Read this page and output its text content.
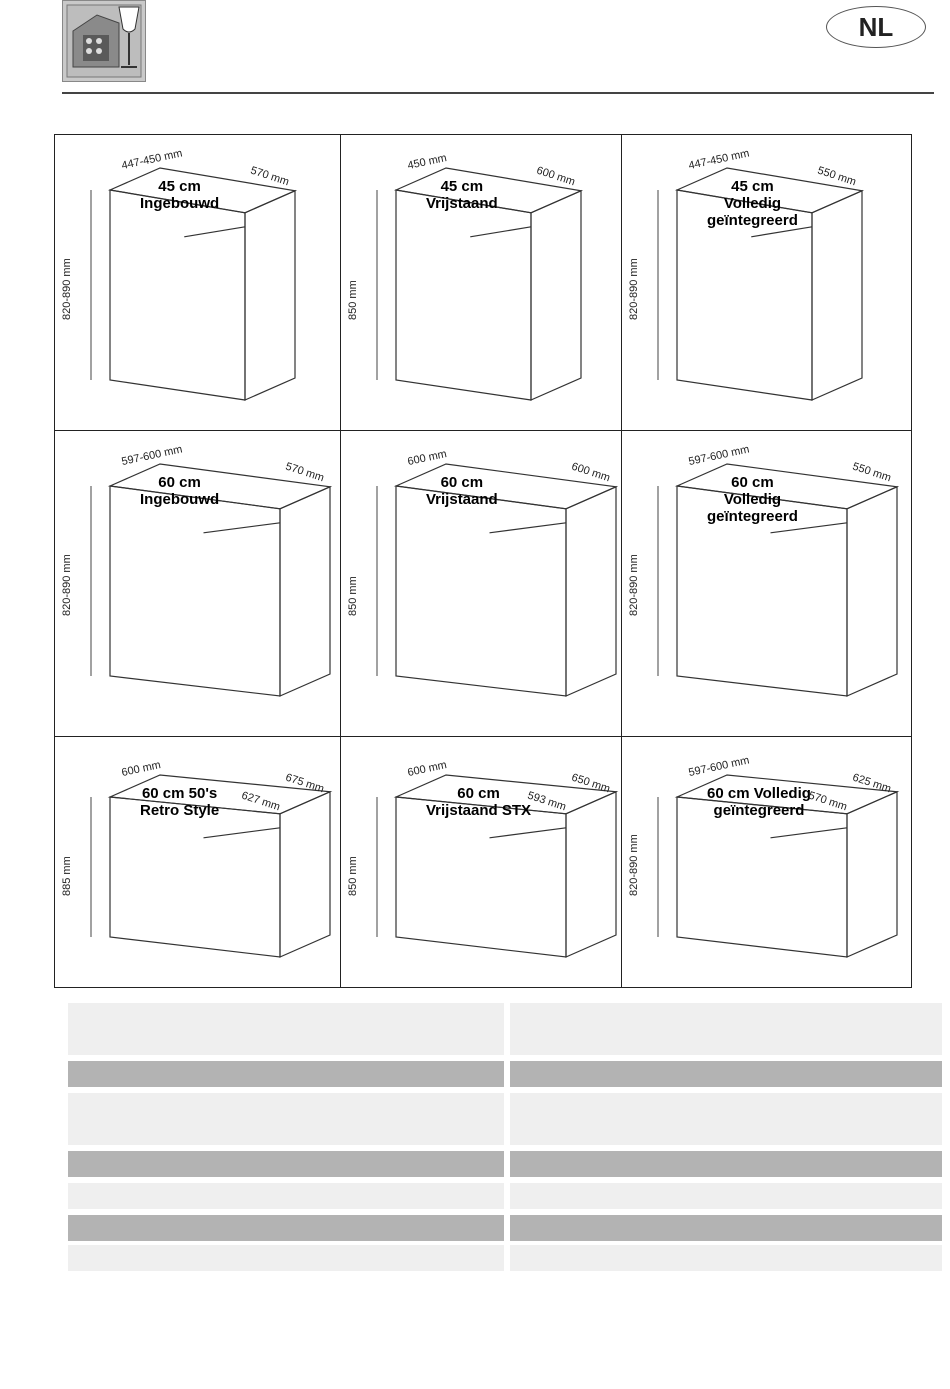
NL
45 cm
Ingebouwd
447-450 mm
570 mm
820-890 mm
45 cm
Vrijstaand
450 mm
600 mm
850 mm
45 cm
Volledig
geïntegreerd
447-450 mm
550 mm
820-890 mm
60 cm
Ingebouwd
597-600 mm
570 mm
820-890 mm
60 cm
Vrijstaand
600 mm
600 mm
850 mm
60 cm
Volledig
geïntegreerd
597-600 mm
550 mm
820-890 mm
60 cm 50's
Retro Style
600 mm
675 mm
627 mm
885 mm
60 cm
Vrijstaand STX
600 mm
650 mm
593 mm
850 mm
60 cm Volledig
geïntegreerd
597-600 mm
625 mm
570 mm
820-890 mm
